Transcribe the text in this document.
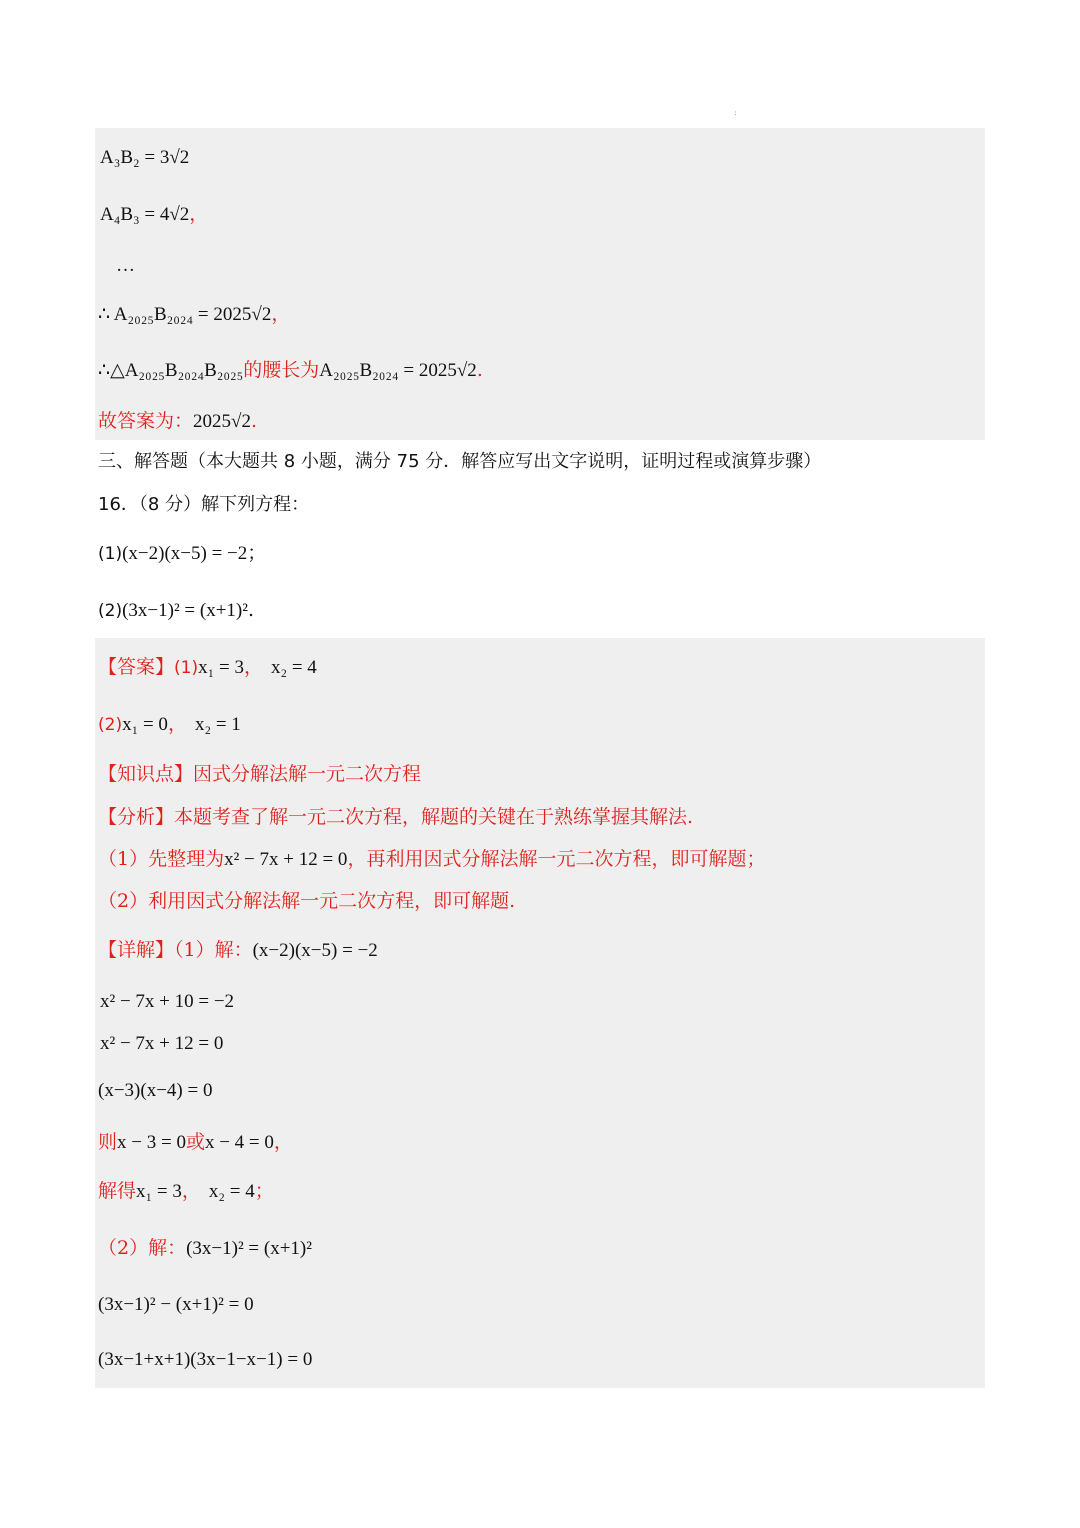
:
A₃B₂ = 3√2
A₄B₃ = 4√2，
…
∴ A₂₀₂₅B₂₀₂₄ = 2025√2，
∴△A₂₀₂₅B₂₀₂₄B₂₀₂₅的腰长为A₂₀₂₅B₂₀₂₄ = 2025√2.
故答案为：2025√2.
三、解答题（本大题共 8 小题，满分 75 分．解答应写出文字说明，证明过程或演算步骤）
16．（8 分）解下列方程：
(1)(x−2)(x−5) = −2；
(2)(3x−1)² = (x+1)².
【答案】(1)x₁ = 3， x₂ = 4
(2)x₁ = 0， x₂ = 1
【知识点】因式分解法解一元二次方程
【分析】本题考查了解一元二次方程，解题的关键在于熟练掌握其解法.
（1）先整理为x² − 7x + 12 = 0，再利用因式分解法解一元二次方程，即可解题；
（2）利用因式分解法解一元二次方程，即可解题.
【详解】（1）解：(x−2)(x−5) = −2
x² − 7x + 10 = −2
x² − 7x + 12 = 0
(x−3)(x−4) = 0
则x − 3 = 0或x − 4 = 0，
解得x₁ = 3， x₂ = 4；
（2）解：(3x−1)² = (x+1)²
(3x−1)² − (x+1)² = 0
(3x−1+x+1)(3x−1−x−1) = 0
